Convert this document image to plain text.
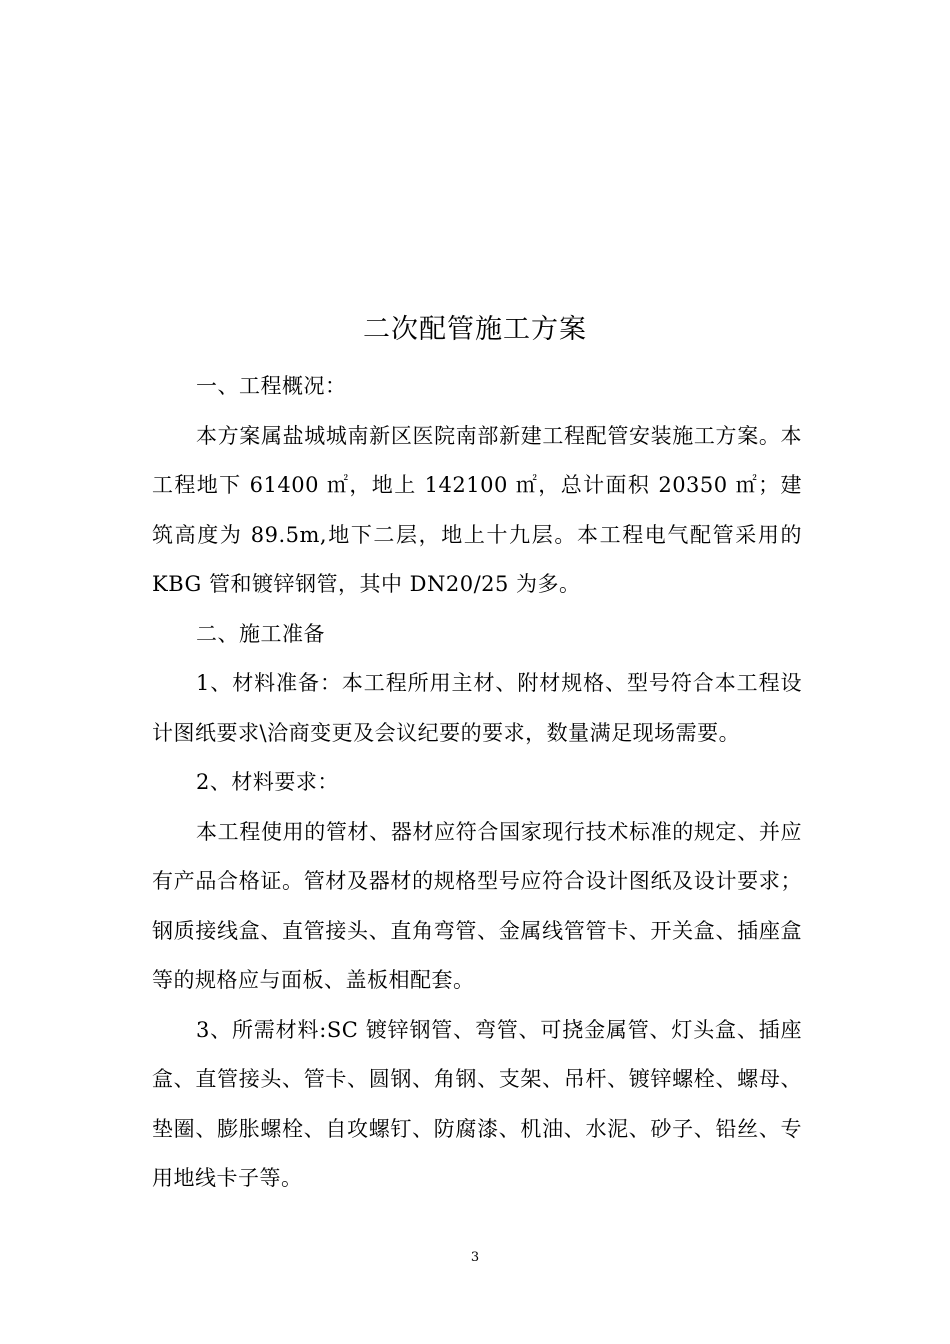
二次配管施工方案

一、工程概况：

本方案属盐城城南新区医院南部新建工程配管安装施工方案。本工程地下 61400 ㎡，地上 142100 ㎡，总计面积 20350 ㎡；建筑高度为 89.5m,地下二层，地上十九层。本工程电气配管采用的 KBG 管和镀锌钢管，其中 DN20/25 为多。

二、施工准备

1、材料准备：本工程所用主材、附材规格、型号符合本工程设计图纸要求\洽商变更及会议纪要的要求，数量满足现场需要。

2、材料要求：

本工程使用的管材、器材应符合国家现行技术标准的规定、并应有产品合格证。管材及器材的规格型号应符合设计图纸及设计要求；钢质接线盒、直管接头、直角弯管、金属线管管卡、开关盒、插座盒等的规格应与面板、盖板相配套。

3、所需材料:SC 镀锌钢管、弯管、可挠金属管、灯头盒、插座盒、直管接头、管卡、圆钢、角钢、支架、吊杆、镀锌螺栓、螺母、垫圈、膨胀螺栓、自攻螺钉、防腐漆、机油、水泥、砂子、铅丝、专用地线卡子等。

3
